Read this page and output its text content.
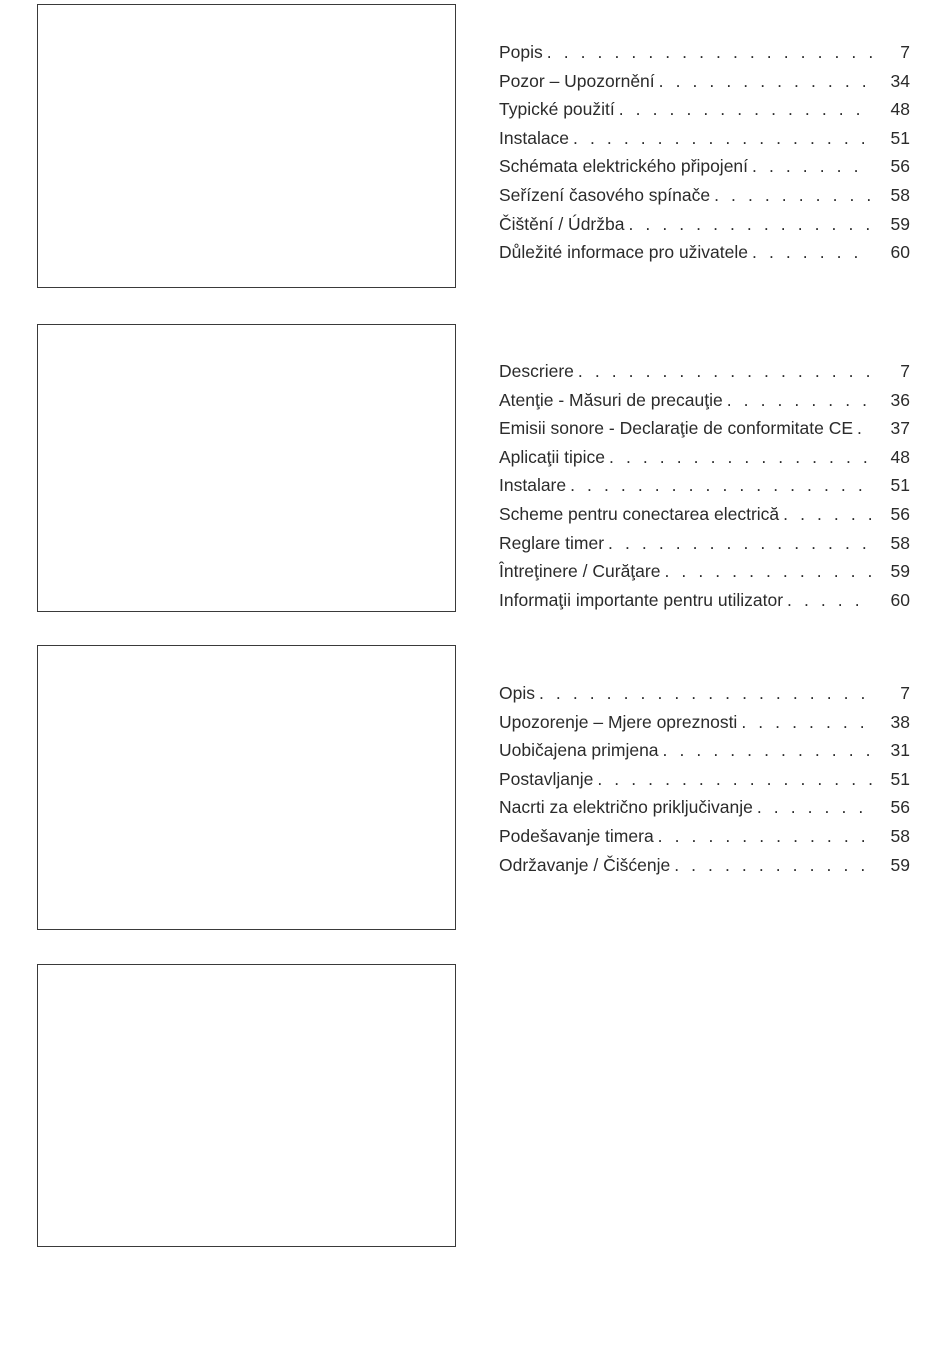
Popis . . .	7
Pozor – Upozornění . . .	34
Typické použití . . .	48
Instalace . . .	51
Schémata elektrického připojení . . .	56
Seřízení časového spínače . . .	58
Čištění / Údržba . . .	59
Důležité informace pro uživatele . . .	60
Descriere . . .	7
Atenţie - Măsuri de precauţie . . .	36
Emisii sonore - Declaraţie de conformitate CE . . .	37
Aplicaţii tipice . . .	48
Instalare . . .	51
Scheme pentru conectarea electrică . . .	56
Reglare timer . . .	58
Întreţinere / Curăţare . . .	59
Informaţii importante pentru utilizator . . .	60
Opis . . .	7
Upozorenje – Mjere opreznosti . . .	38
Uobičajena primjena . . .	31
Postavljanje . . .	51
Nacrti za električno priključivanje . . .	56
Podešavanje timera . . .	58
Održavanje / Čišćenje . . .	59
